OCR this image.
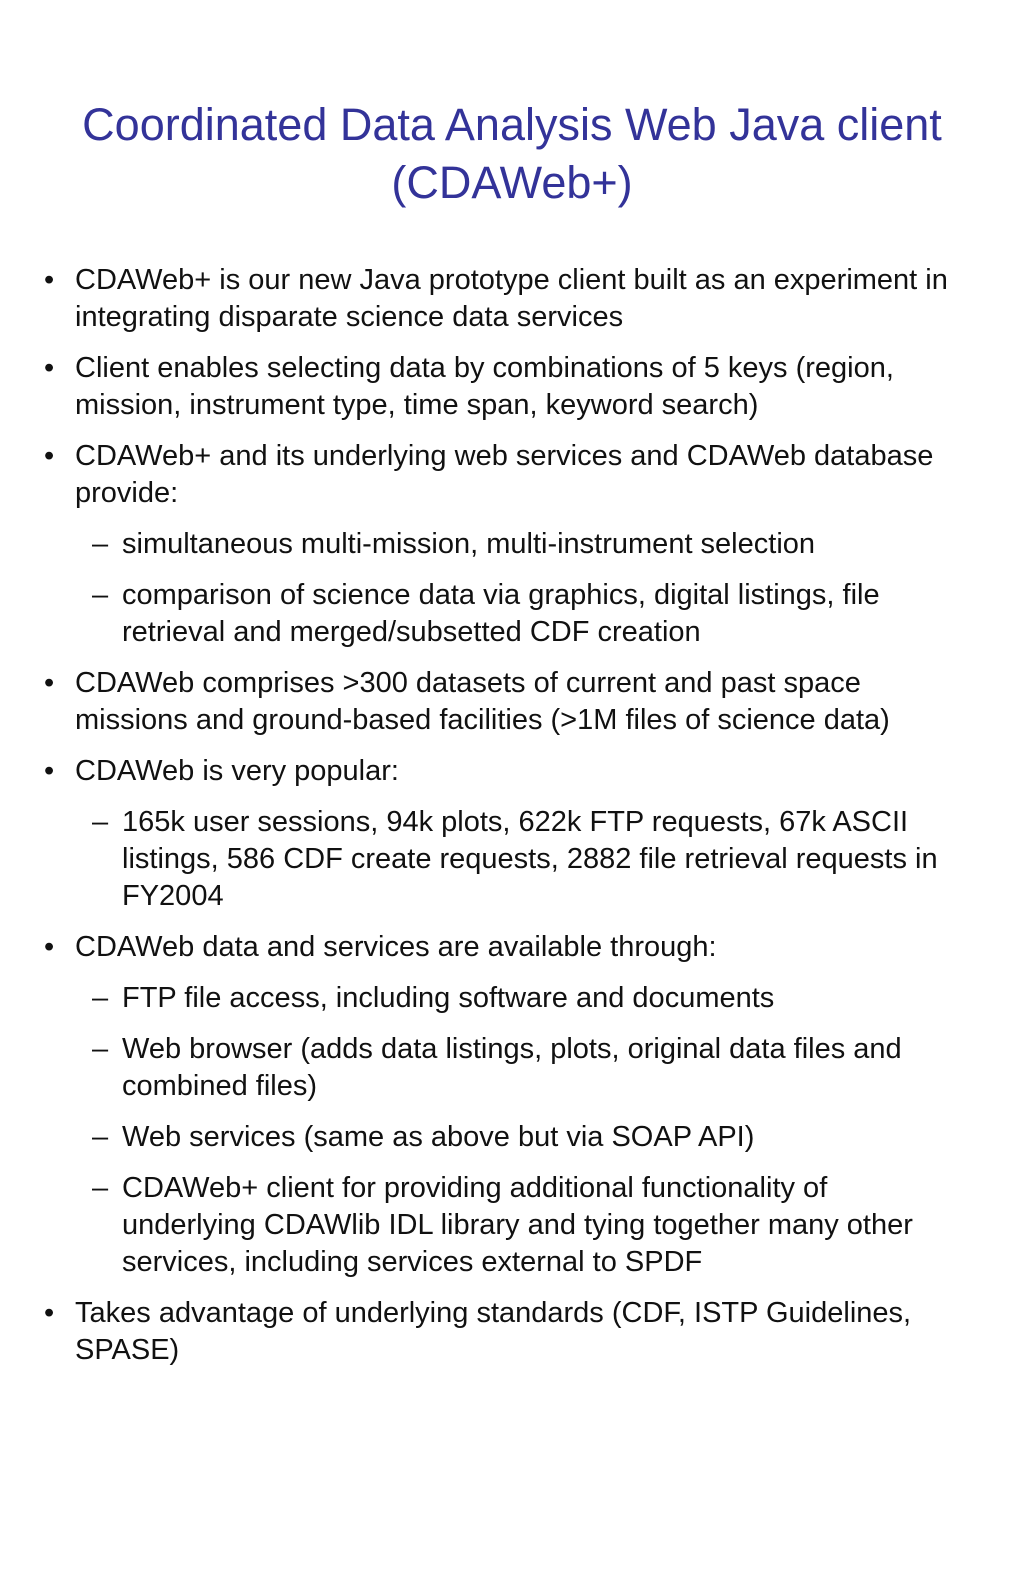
Coordinated Data Analysis Web Java client (CDAWeb+)
• CDAWeb+ is our new Java prototype client built as an experiment in integrating disparate science data services
• Client enables selecting data by combinations of 5 keys (region, mission, instrument type, time span, keyword search)
• CDAWeb+ and its underlying web services and CDAWeb database provide:
– simultaneous multi-mission, multi-instrument selection
– comparison of science data via graphics, digital listings, file retrieval and merged/subsetted CDF creation
• CDAWeb comprises >300 datasets of current and past space missions and ground-based facilities (>1M files of science data)
• CDAWeb is very popular:
– 165k user sessions, 94k plots, 622k FTP requests, 67k ASCII listings, 586 CDF create requests, 2882 file retrieval requests in FY2004
• CDAWeb data and services are available through:
– FTP file access, including software and documents
– Web browser (adds data listings, plots, original data files and combined files)
– Web services (same as above but via SOAP API)
– CDAWeb+ client for providing additional functionality of underlying CDAWlib IDL library and tying together many other services, including services external to SPDF
• Takes advantage of underlying standards (CDF, ISTP Guidelines, SPASE)
